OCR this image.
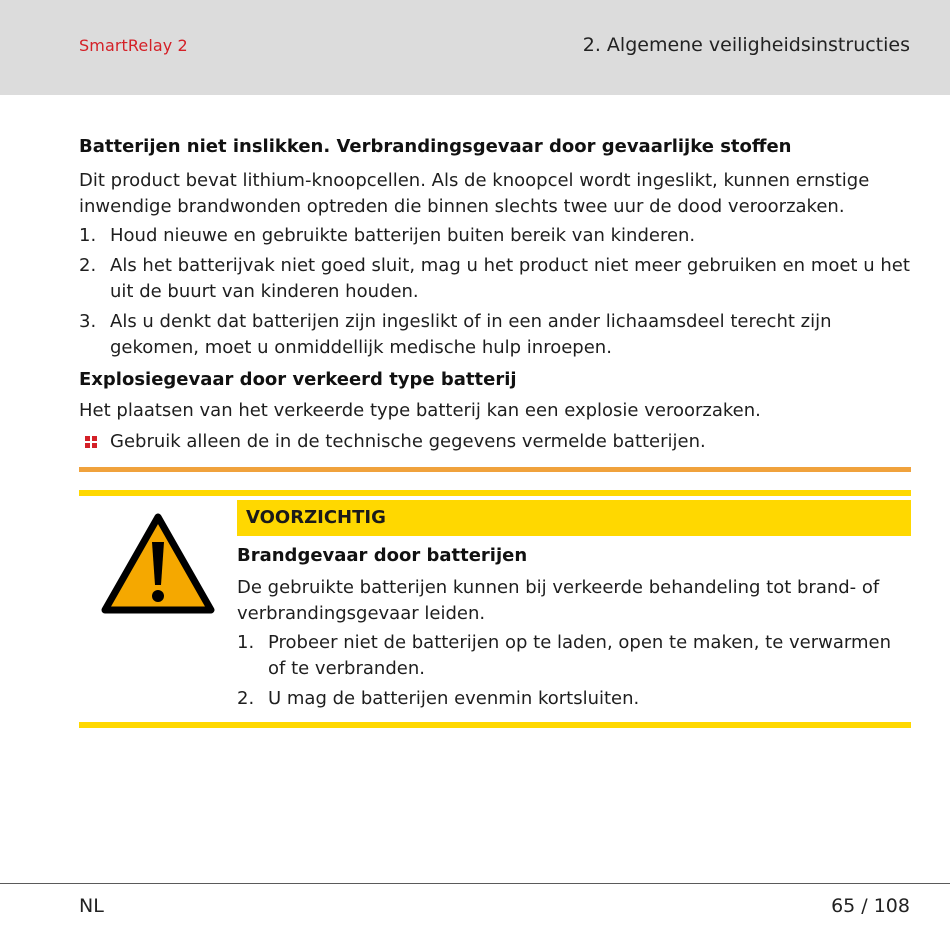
SmartRelay 2	2. Algemene veiligheidsinstructies
Batterijen niet inslikken. Verbrandingsgevaar door gevaarlijke stoffen

Dit product bevat lithium-knoopcellen. Als de knoopcel wordt ingeslikt, kunnen ernstige inwendige brandwonden optreden die binnen slechts twee uur de dood veroorzaken.

1. Houd nieuwe en gebruikte batterijen buiten bereik van kinderen.
2. Als het batterijvak niet goed sluit, mag u het product niet meer gebruiken en moet u het uit de buurt van kinderen houden.
3. Als u denkt dat batterijen zijn ingeslikt of in een ander lichaamsdeel terecht zijn gekomen, moet u onmiddellijk medische hulp inroepen.
Explosiegevaar door verkeerd type batterij

Het plaatsen van het verkeerde type batterij kan een explosie veroorzaken.

Gebruik alleen de in de technische gegevens vermelde batterijen.
VOORZICHTIG
Brandgevaar door batterijen

De gebruikte batterijen kunnen bij verkeerde behandeling tot brand- of verbrandingsgevaar leiden.

1. Probeer niet de batterijen op te laden, open te maken, te verwarmen of te verbranden.
2. U mag de batterijen evenmin kortsluiten.
NL	65 / 108
